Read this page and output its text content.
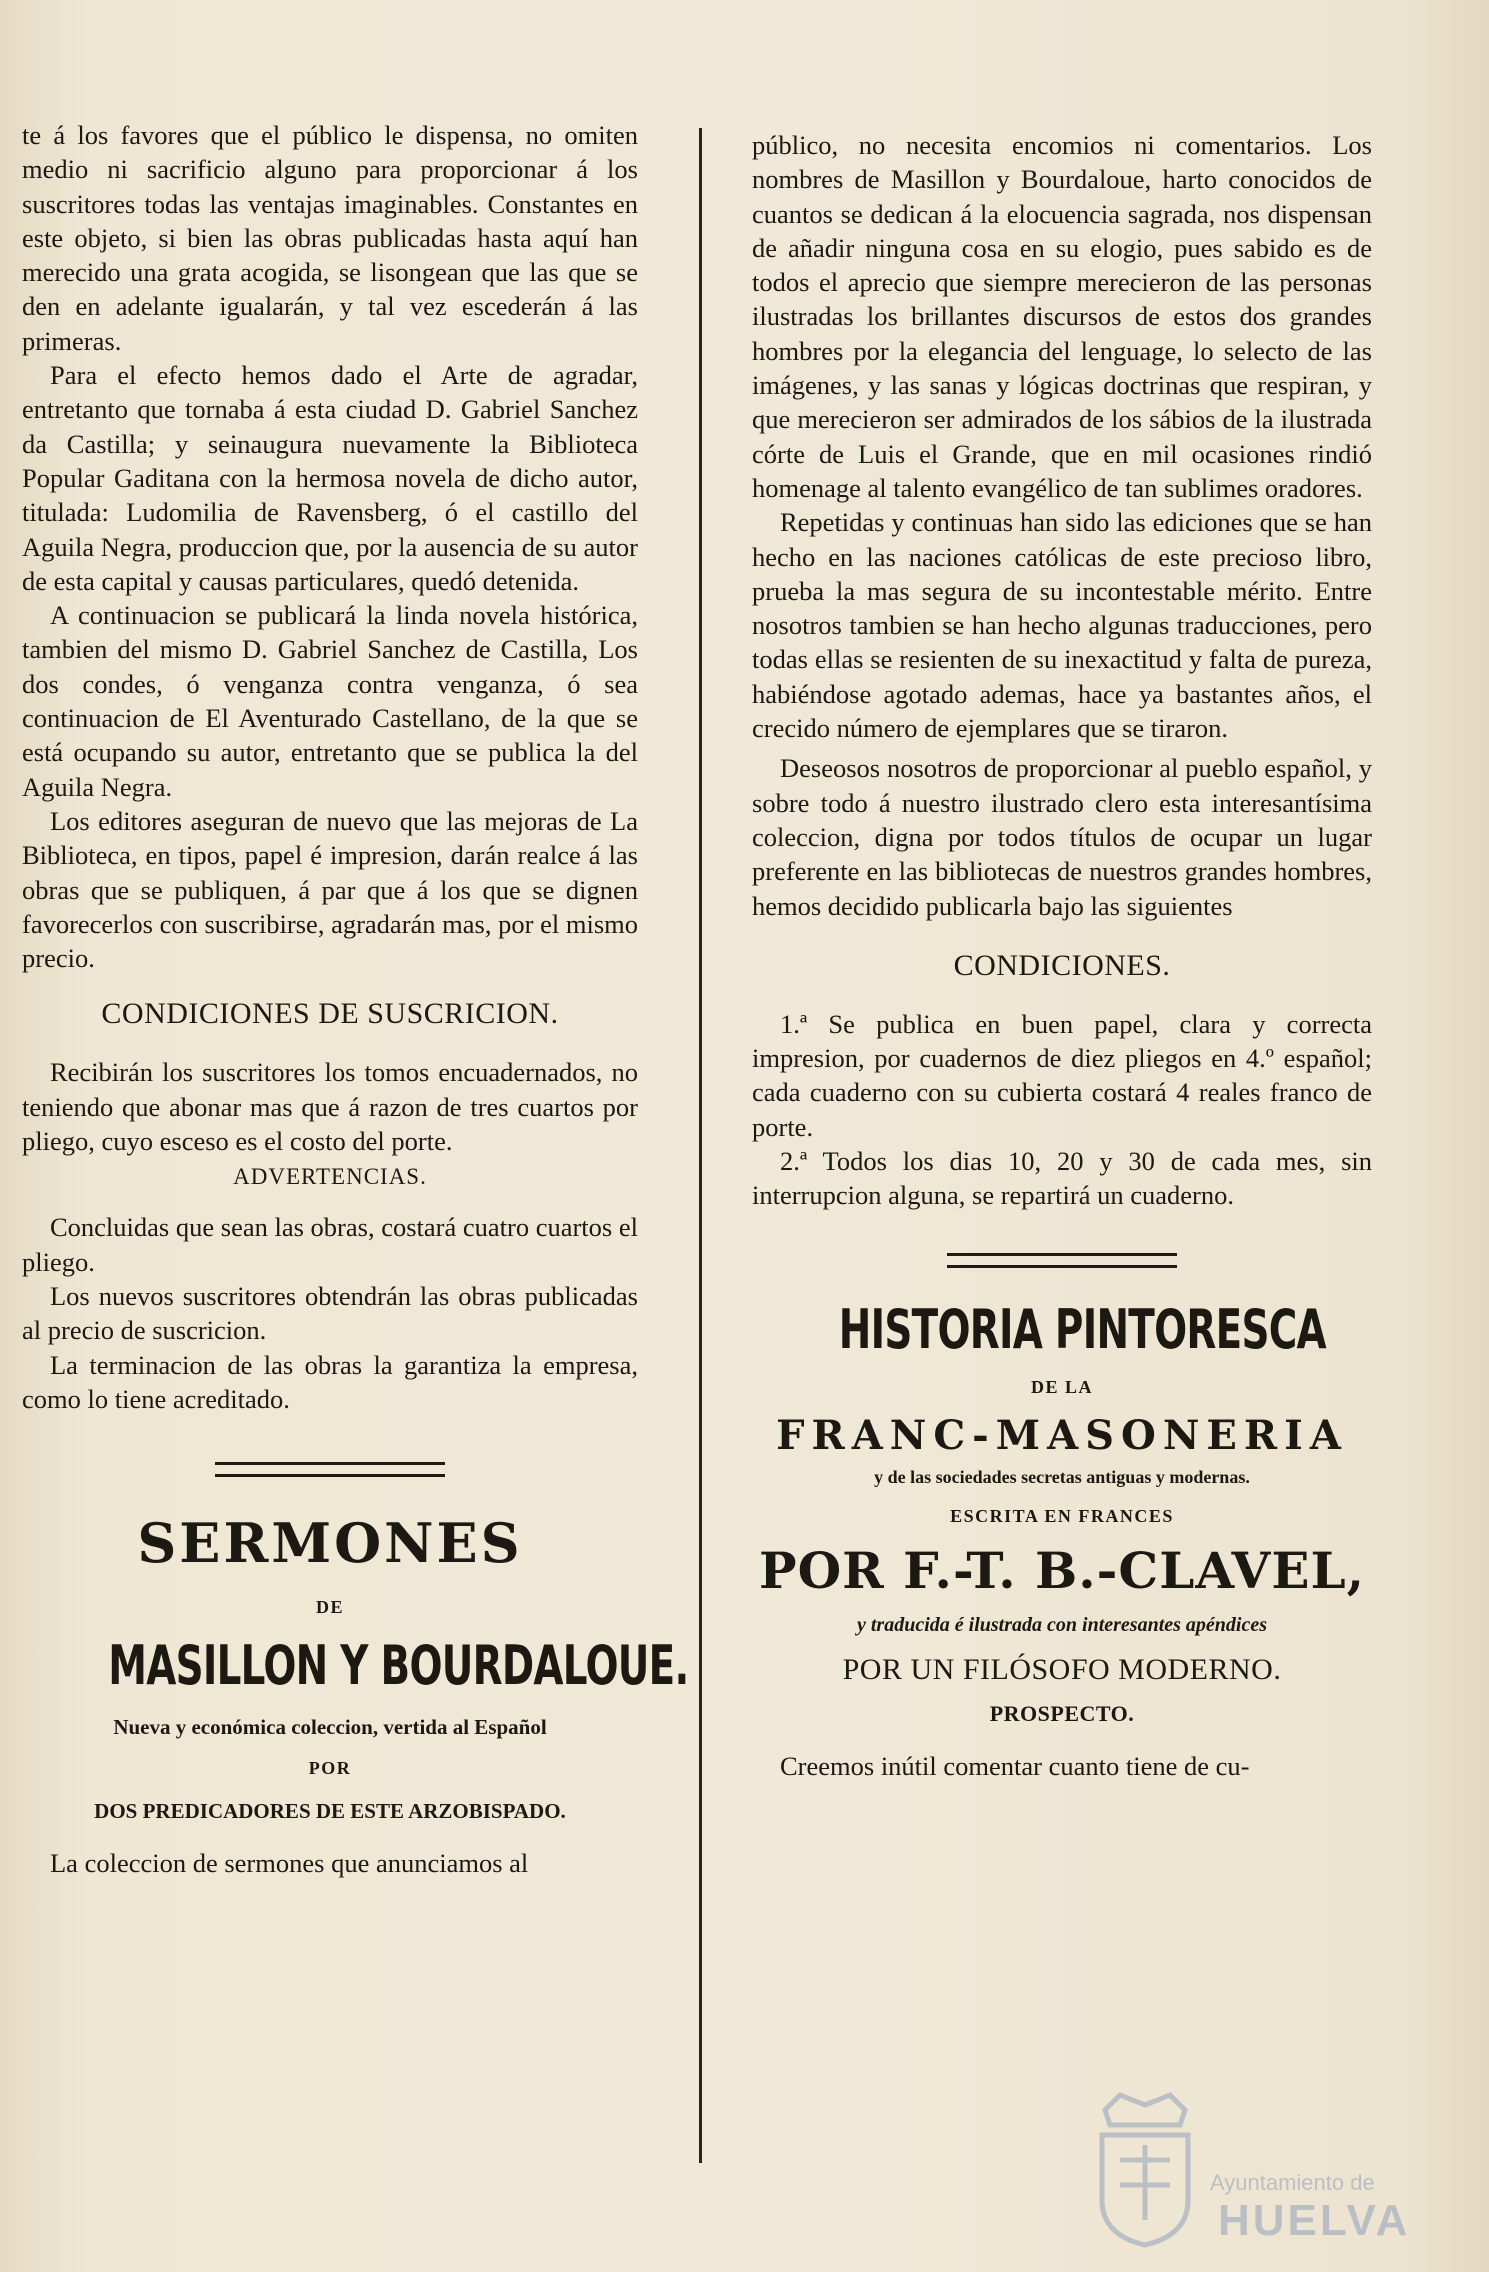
te á los favores que el público le dispensa, no omiten medio ni sacrificio alguno para proporcionar á los suscritores todas las ventajas imaginables. Constantes en este objeto, si bien las obras publicadas hasta aquí han merecido una grata acogida, se lisongean que las que se den en adelante igualarán, y tal vez escederán á las primeras.

Para el efecto hemos dado el Arte de agradar, entretanto que tornaba á esta ciudad D. Gabriel Sanchez da Castilla; y seinaugura nuevamente la Biblioteca Popular Gaditana con la hermosa novela de dicho autor, titulada: Ludomilia de Ravensberg, ó el castillo del Aguila Negra, produccion que, por la ausencia de su autor de esta capital y causas particulares, quedó detenida.

A continuacion se publicará la linda novela histórica, tambien del mismo D. Gabriel Sanchez de Castilla, Los dos condes, ó venganza contra venganza, ó sea continuacion de El Aventurado Castellano, de la que se está ocupando su autor, entretanto que se publica la del Aguila Negra.

Los editores aseguran de nuevo que las mejoras de La Biblioteca, en tipos, papel é impresion, darán realce á las obras que se publiquen, á par que á los que se dignen favorecerlos con suscribirse, agradarán mas, por el mismo precio.

CONDICIONES DE SUSCRICION.

Recibirán los suscritores los tomos encuadernados, no teniendo que abonar mas que á razon de tres cuartos por pliego, cuyo esceso es el costo del porte.

ADVERTENCIAS.

Concluidas que sean las obras, costará cuatro cuartos el pliego.

Los nuevos suscritores obtendrán las obras publicadas al precio de suscricion.

La terminacion de las obras la garantiza la empresa, como lo tiene acreditado.

SERMONES
DE
MASILLON Y BOURDALOUE.
Nueva y económica coleccion, vertida al Español
POR
DOS PREDICADORES DE ESTE ARZOBISPADO.

La coleccion de sermones que anunciamos al

público, no necesita encomios ni comentarios. Los nombres de Masillon y Bourdaloue, harto conocidos de cuantos se dedican á la elocuencia sagrada, nos dispensan de añadir ninguna cosa en su elogio, pues sabido es de todos el aprecio que siempre merecieron de las personas ilustradas los brillantes discursos de estos dos grandes hombres por la elegancia del lenguage, lo selecto de las imágenes, y las sanas y lógicas doctrinas que respiran, y que merecieron ser admirados de los sábios de la ilustrada córte de Luis el Grande, que en mil ocasiones rindió homenage al talento evangélico de tan sublimes oradores.

Repetidas y continuas han sido las ediciones que se han hecho en las naciones católicas de este precioso libro, prueba la mas segura de su incontestable mérito. Entre nosotros tambien se han hecho algunas traducciones, pero todas ellas se resienten de su inexactitud y falta de pureza, habiéndose agotado ademas, hace ya bastantes años, el crecido número de ejemplares que se tiraron.

Deseosos nosotros de proporcionar al pueblo español, y sobre todo á nuestro ilustrado clero esta interesantísima coleccion, digna por todos títulos de ocupar un lugar preferente en las bibliotecas de nuestros grandes hombres, hemos decidido publicarla bajo las siguientes

CONDICIONES.

1.ª Se publica en buen papel, clara y correcta impresion, por cuadernos de diez pliegos en 4.º español; cada cuaderno con su cubierta costará 4 reales franco de porte.

2.ª Todos los dias 10, 20 y 30 de cada mes, sin interrupcion alguna, se repartirá un cuaderno.

HISTORIA PINTORESCA
DE LA
FRANC-MASONERIA
y de las sociedades secretas antiguas y modernas.
ESCRITA EN FRANCES
POR F.-T. B.-CLAVEL,
y traducida é ilustrada con interesantes apéndices
POR UN FILÓSOFO MODERNO.
PROSPECTO.

Creemos inútil comentar cuanto tiene de cu-

Ayuntamiento de
HUELVA
